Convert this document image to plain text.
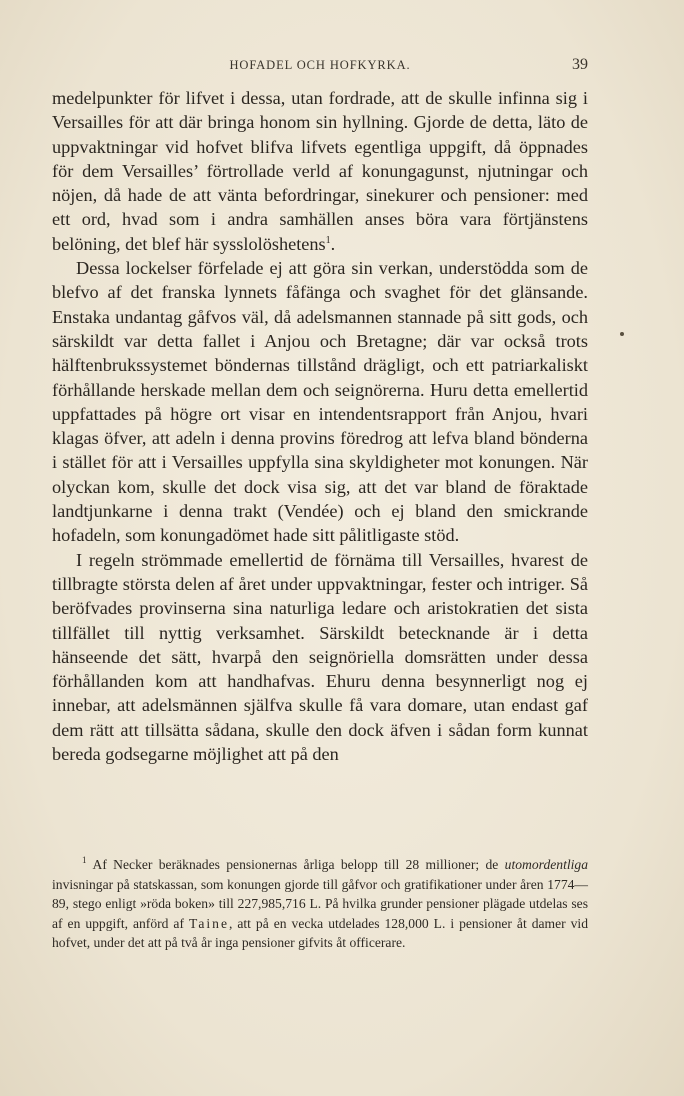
HOFADEL OCH HOFKYRKA.	39

medelpunkter för lifvet i dessa, utan fordrade, att de skulle infinna sig i Versailles för att där bringa honom sin hyllning. Gjorde de detta, läto de uppvaktningar vid hofvet blifva lifvets egentliga uppgift, då öppnades för dem Versailles’ förtrollade verld af konungagunst, njutningar och nöjen, då hade de att vänta befordringar, sinekurer och pensioner: med ett ord, hvad som i andra samhällen anses böra vara förtjänstens belöning, det blef här sysslolöshetens$^1$.

Dessa lockelser förfelade ej att göra sin verkan, understödda som de blefvo af det franska lynnets fåfänga och svaghet för det glänsande. Enstaka undantag gåfvos väl, då adelsmannen stannade på sitt gods, och särskildt var detta fallet i Anjou och Bretagne; där var också trots hälftenbrukssystemet böndernas tillstånd drägligt, och ett patriarkaliskt förhållande herskade mellan dem och seignörerna. Huru detta emellertid uppfattades på högre ort visar en intendentsrapport från Anjou, hvari klagas öfver, att adeln i denna provins föredrog att lefva bland bönderna i stället för att i Versailles uppfylla sina skyldigheter mot konungen. När olyckan kom, skulle det dock visa sig, att det var bland de föraktade landtjunkarne i denna trakt (Vendée) och ej bland den smickrande hofadeln, som konungadömet hade sitt pålitligaste stöd.

I regeln strömmade emellertid de förnäma till Versailles, hvarest de tillbragte största delen af året under uppvaktningar, fester och intriger. Så beröfvades provinserna sina naturliga ledare och aristokratien det sista tillfället till nyttig verksamhet. Särskildt betecknande är i detta hänseende det sätt, hvarpå den seignöriella domsrätten under dessa förhållanden kom att handhafvas. Ehuru denna besynnerligt nog ej innebar, att adelsmännen själfva skulle få vara domare, utan endast gaf dem rätt att tillsätta sådana, skulle den dock äfven i sådan form kunnat bereda godsegarne möjlighet att på den

$^1$ Af Necker beräknades pensionernas årliga belopp till 28 millioner; de utomordentliga invisningar på statskassan, som konungen gjorde till gåfvor och gratifikationer under åren 1774—89, stego enligt »röda boken» till 227,985,716 L. På hvilka grunder pensioner plägade utdelas ses af en uppgift, anförd af Taine, att på en vecka utdelades 128,000 L. i pensioner åt damer vid hofvet, under det att på två år inga pensioner gifvits åt officerare.
